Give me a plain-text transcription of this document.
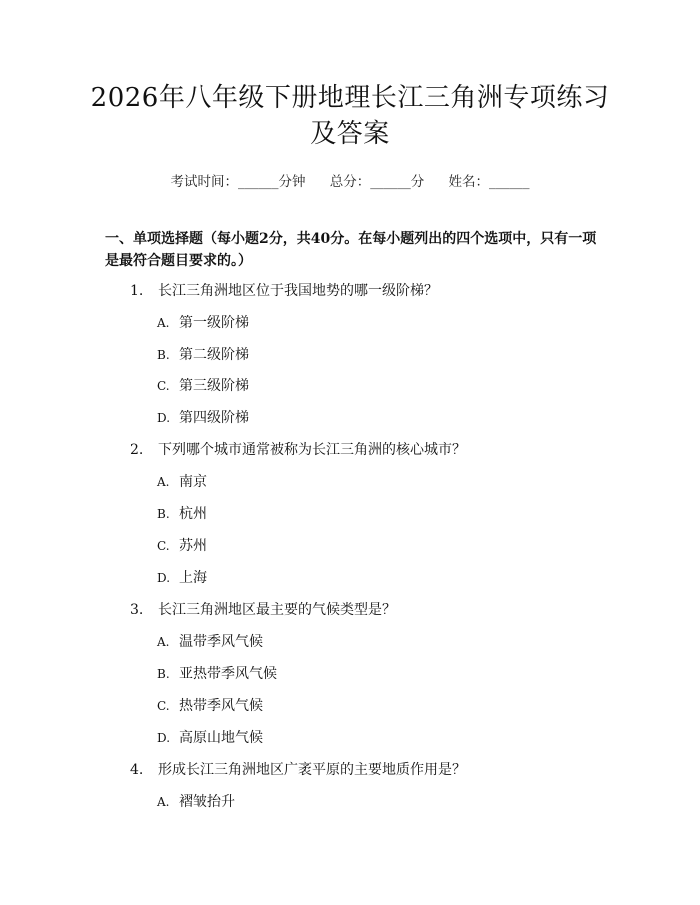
2026年八年级下册地理长江三角洲专项练习
及答案
考试时间：______分钟 总分：______分 姓名：______
一、单项选择题（每小题2分，共40分。在每小题列出的四个选项中，只有一项是最符合题目要求的。）
1. 长江三角洲地区位于我国地势的哪一级阶梯？
A. 第一级阶梯
B. 第二级阶梯
C. 第三级阶梯
D. 第四级阶梯
2. 下列哪个城市通常被称为长江三角洲的核心城市？
A. 南京
B. 杭州
C. 苏州
D. 上海
3. 长江三角洲地区最主要的气候类型是？
A. 温带季风气候
B. 亚热带季风气候
C. 热带季风气候
D. 高原山地气候
4. 形成长江三角洲地区广袤平原的主要地质作用是？
A. 褶皱抬升
